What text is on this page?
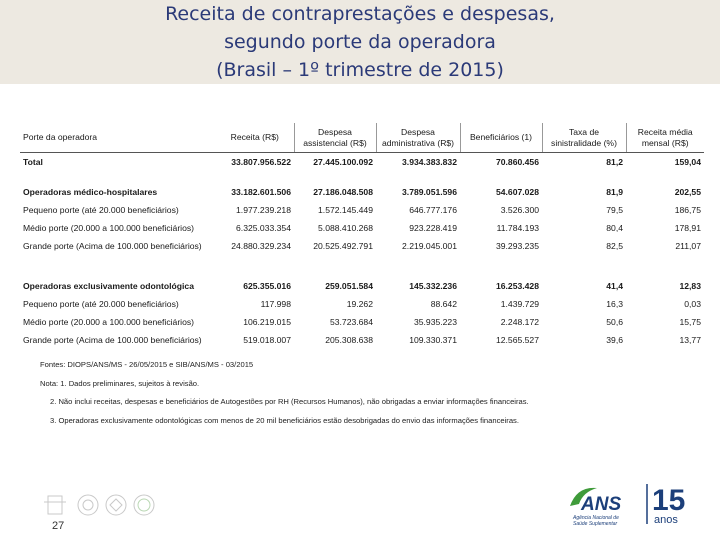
Receita de contraprestações e despesas,
segundo porte da operadora
(Brasil – 1º trimestre de 2015)
Porte da operadora	Receita (R$)	Despesa assistencial (R$)	Despesa administrativa (R$)	Beneficiários (1)	Taxa de sinistralidade (%)	Receita média mensal (R$)
Total	33.807.956.522	27.445.100.092	3.934.383.832	70.860.456	81,2	159,04

Operadoras médico-hospitalares	33.182.601.506	27.186.048.508	3.789.051.596	54.607.028	81,9	202,55
Pequeno porte (até 20.000 beneficiários)	1.977.239.218	1.572.145.449	646.777.176	3.526.300	79,5	186,75
Médio porte (20.000 a 100.000 beneficiários)	6.325.033.354	5.088.410.268	923.228.419	11.784.193	80,4	178,91
Grande porte (Acima de 100.000 beneficiários)	24.880.329.234	20.525.492.791	2.219.045.001	39.293.235	82,5	211,07

Operadoras exclusivamente odontológica	625.355.016	259.051.584	145.332.236	16.253.428	41,4	12,83
Pequeno porte (até 20.000 beneficiários)	117.998	19.262	88.642	1.439.729	16,3	0,03
Médio porte (20.000 a 100.000 beneficiários)	106.219.015	53.723.684	35.935.223	2.248.172	50,6	15,75
Grande porte (Acima de 100.000 beneficiários)	519.018.007	205.308.638	109.330.371	12.565.527	39,6	13,77
Fontes: DIOPS/ANS/MS - 26/05/2015 e SIB/ANS/MS - 03/2015
Nota: 1. Dados preliminares, sujeitos à revisão.
2. Não inclui receitas, despesas e beneficiários de Autogestões por RH (Recursos Humanos), não obrigadas a enviar informações financeiras.
3. Operadoras exclusivamente odontológicas com menos de 20 mil beneficiários estão desobrigadas do envio das informações financeiras.
27
ANS
Agência Nacional de
Saúde Suplementar
15
anos
